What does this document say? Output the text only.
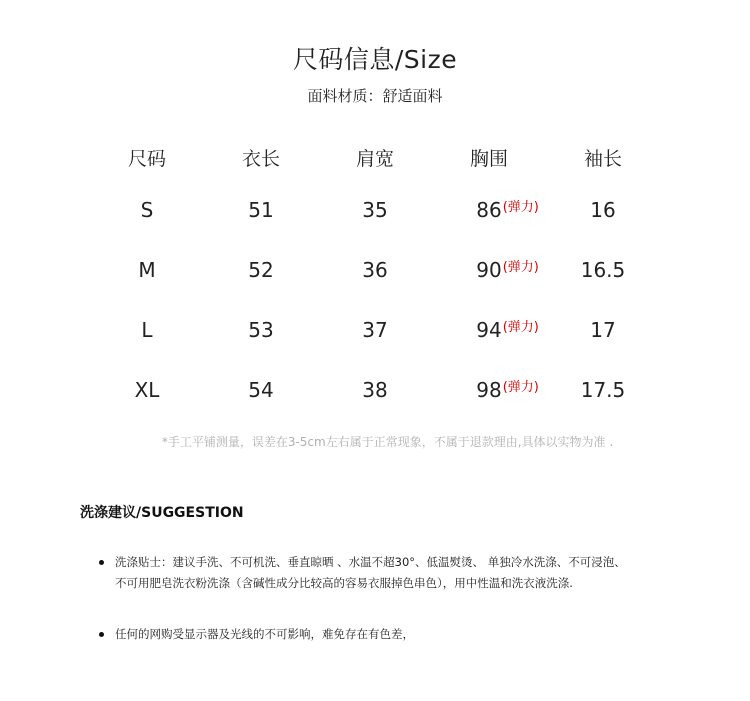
尺码信息/Size
面料材质：舒适面料
尺码	衣长	肩宽	胸围	袖长
S	51	35	86 (弹力)	16
M	52	36	90 (弹力)	16.5
L	53	37	94 (弹力)	17
XL	54	38	98 (弹力)	17.5
*手工平铺测量，误差在3-5cm左右属于正常现象，不属于退款理由,具体以实物为准 .
洗涤建议/SUGGESTION
洗涤贴士：建议手洗、不可机洗、垂直晾晒 、水温不超30°、低温熨烫、 单独冷水洗涤、不可浸泡、
不可用肥皂洗衣粉洗涤（含碱性成分比较高的容易衣服掉色串色），用中性温和洗衣液洗涤.
任何的网购受显示器及光线的不可影响，难免存在有色差，
